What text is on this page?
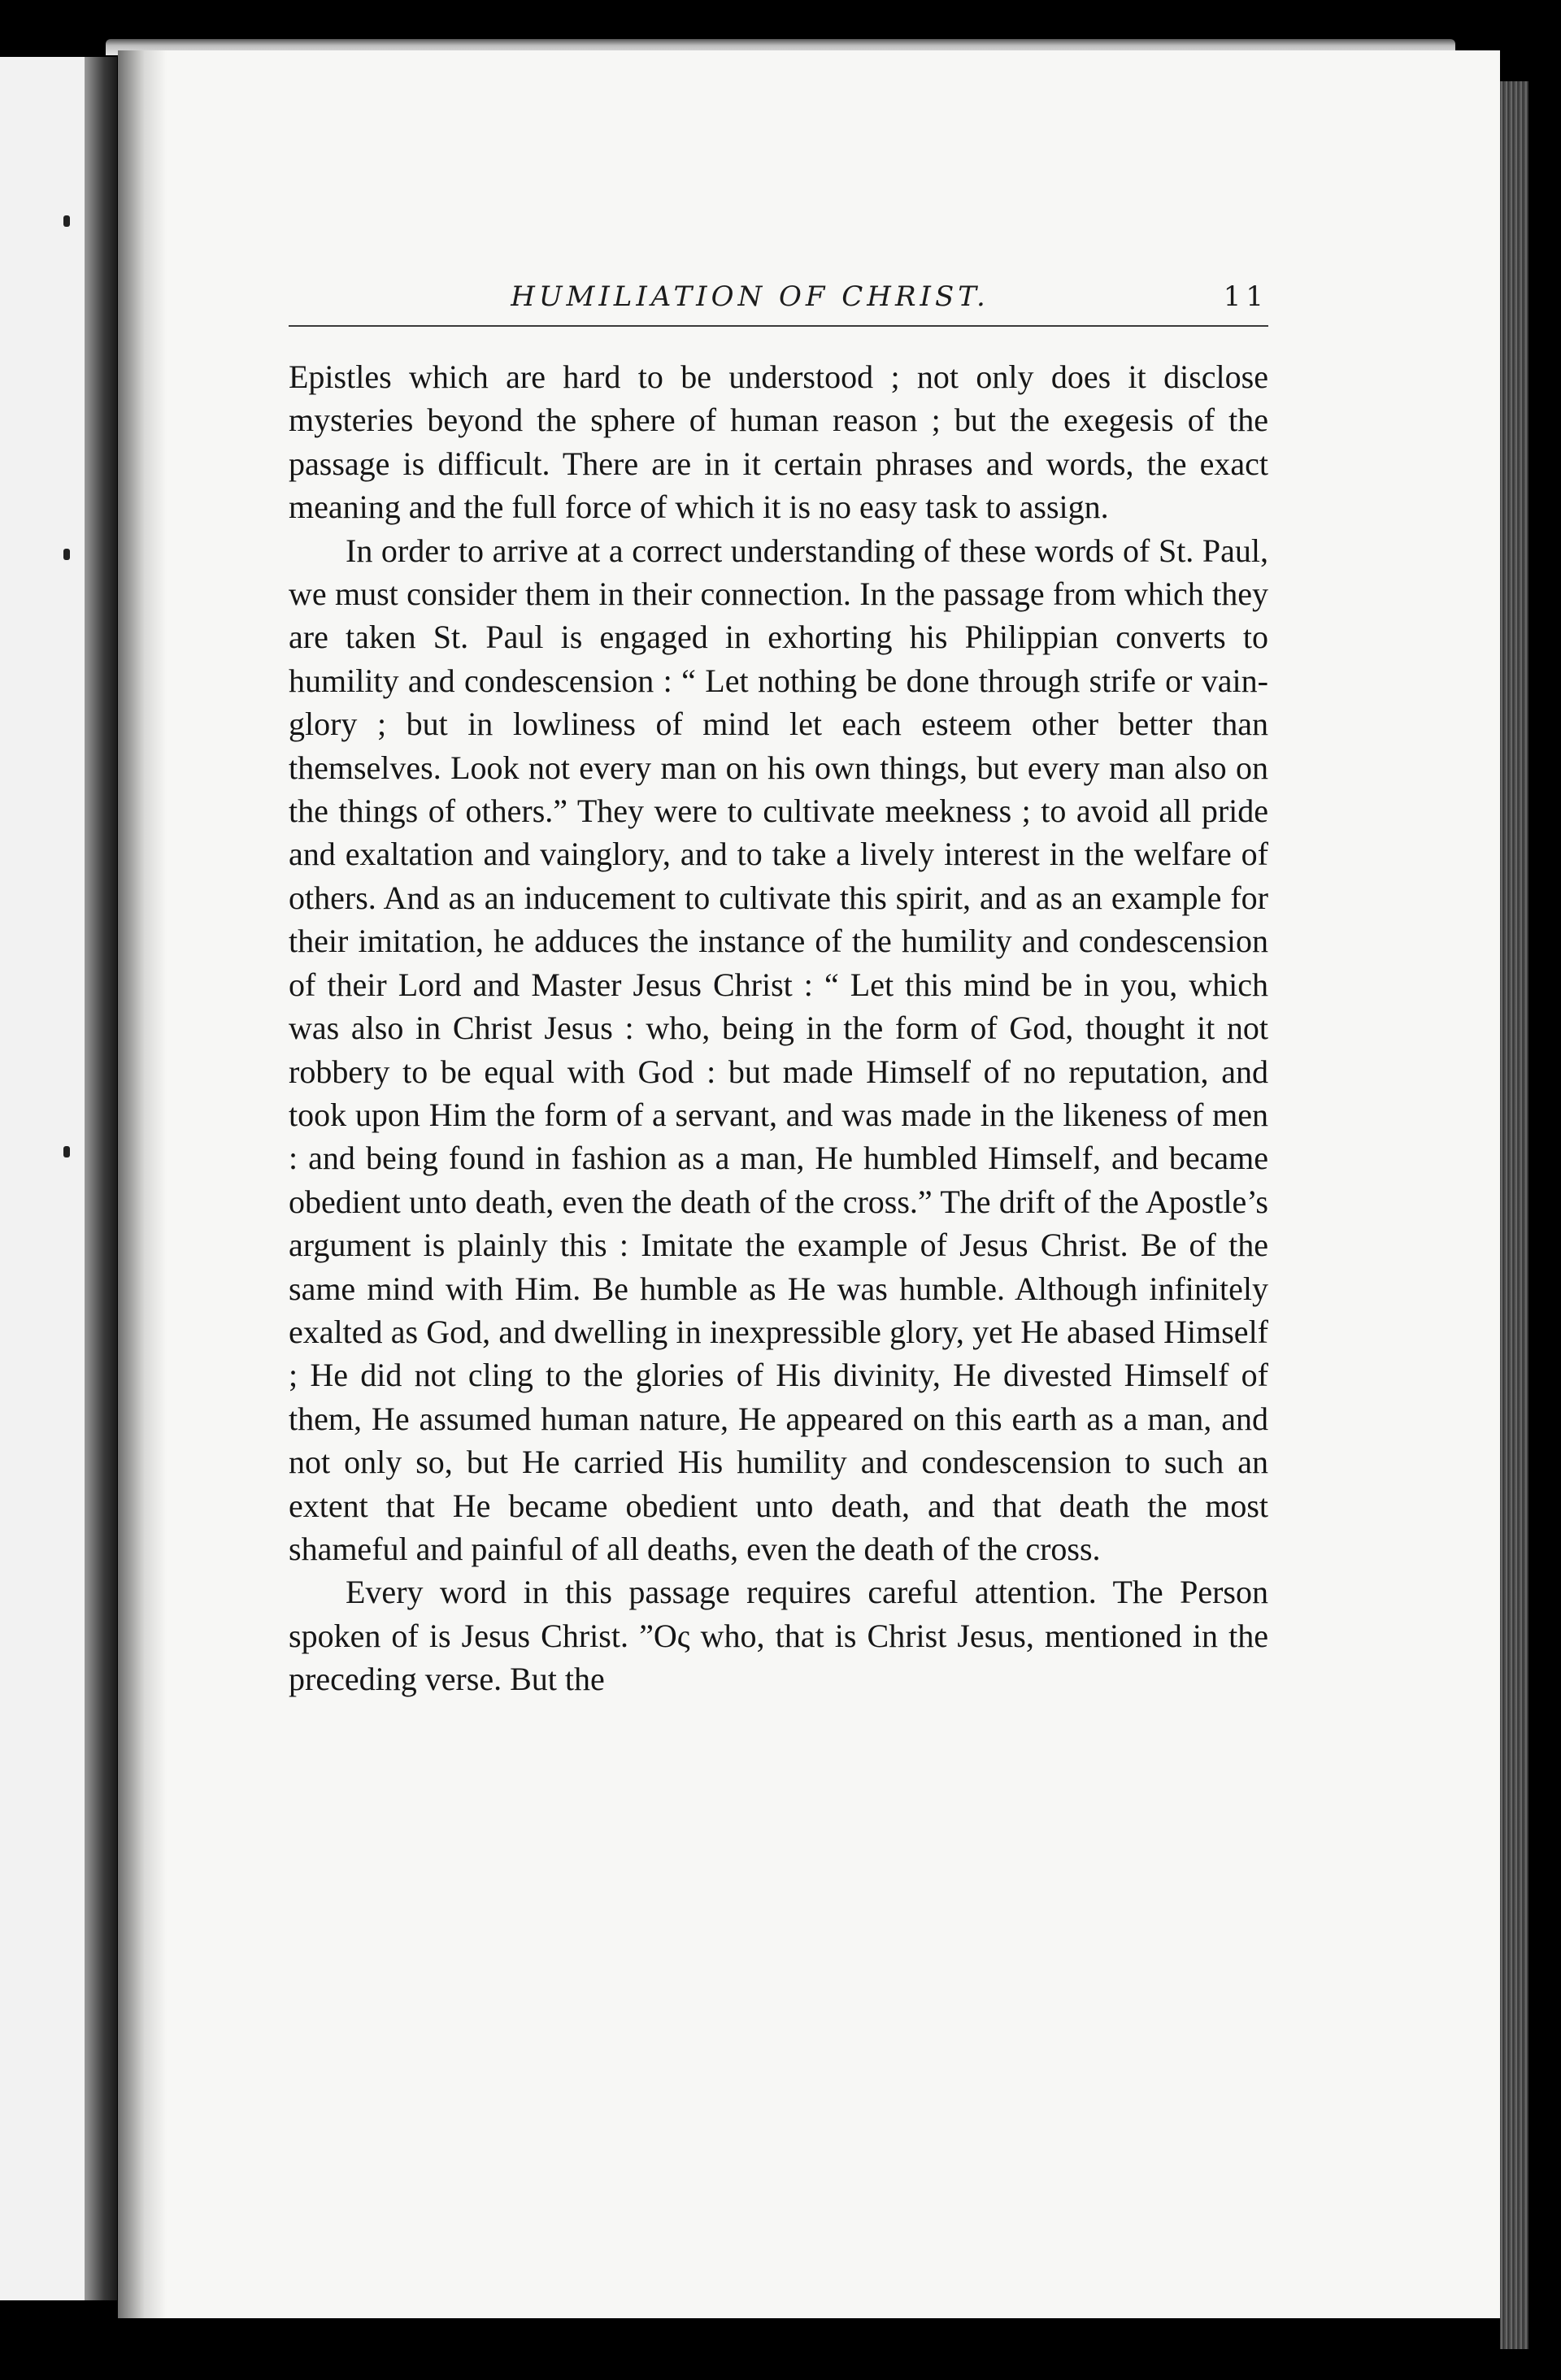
HUMILIATION OF CHRIST.	11

Epistles which are hard to be understood ; not only does it disclose mysteries beyond the sphere of human reason ; but the exegesis of the passage is difficult. There are in it certain phrases and words, the exact meaning and the full force of which it is no easy task to assign.

In order to arrive at a correct understanding of these words of St. Paul, we must consider them in their connection. In the passage from which they are taken St. Paul is engaged in exhorting his Philippian converts to humility and condescension : “ Let nothing be done through strife or vainglory ; but in lowliness of mind let each esteem other better than themselves. Look not every man on his own things, but every man also on the things of others.” They were to cultivate meekness ; to avoid all pride and exaltation and vainglory, and to take a lively interest in the welfare of others. And as an inducement to cultivate this spirit, and as an example for their imitation, he adduces the instance of the humility and condescension of their Lord and Master Jesus Christ : “ Let this mind be in you, which was also in Christ Jesus : who, being in the form of God, thought it not robbery to be equal with God : but made Himself of no reputation, and took upon Him the form of a servant, and was made in the likeness of men : and being found in fashion as a man, He humbled Himself, and became obedient unto death, even the death of the cross.” The drift of the Apostle’s argument is plainly this : Imitate the example of Jesus Christ. Be of the same mind with Him. Be humble as He was humble. Although infinitely exalted as God, and dwelling in inexpressible glory, yet He abased Himself ; He did not cling to the glories of His divinity, He divested Himself of them, He assumed human nature, He appeared on this earth as a man, and not only so, but He carried His humility and condescension to such an extent that He became obedient unto death, and that death the most shameful and painful of all deaths, even the death of the cross.

Every word in this passage requires careful attention. The Person spoken of is Jesus Christ. ”Ος who, that is Christ Jesus, mentioned in the preceding verse. But the
